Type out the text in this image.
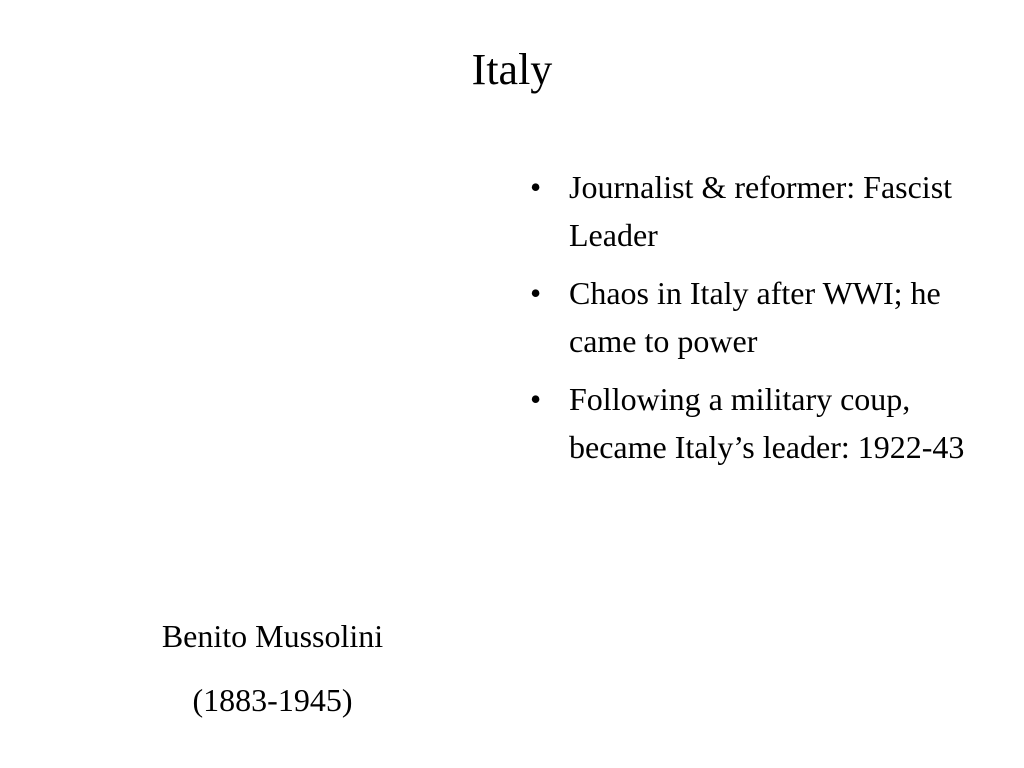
Italy
• Journalist & reformer: Fascist Leader
• Chaos in Italy after WWI; he came to power
• Following a military coup, became Italy’s leader: 1922-43

Benito Mussolini

(1883-1945)
